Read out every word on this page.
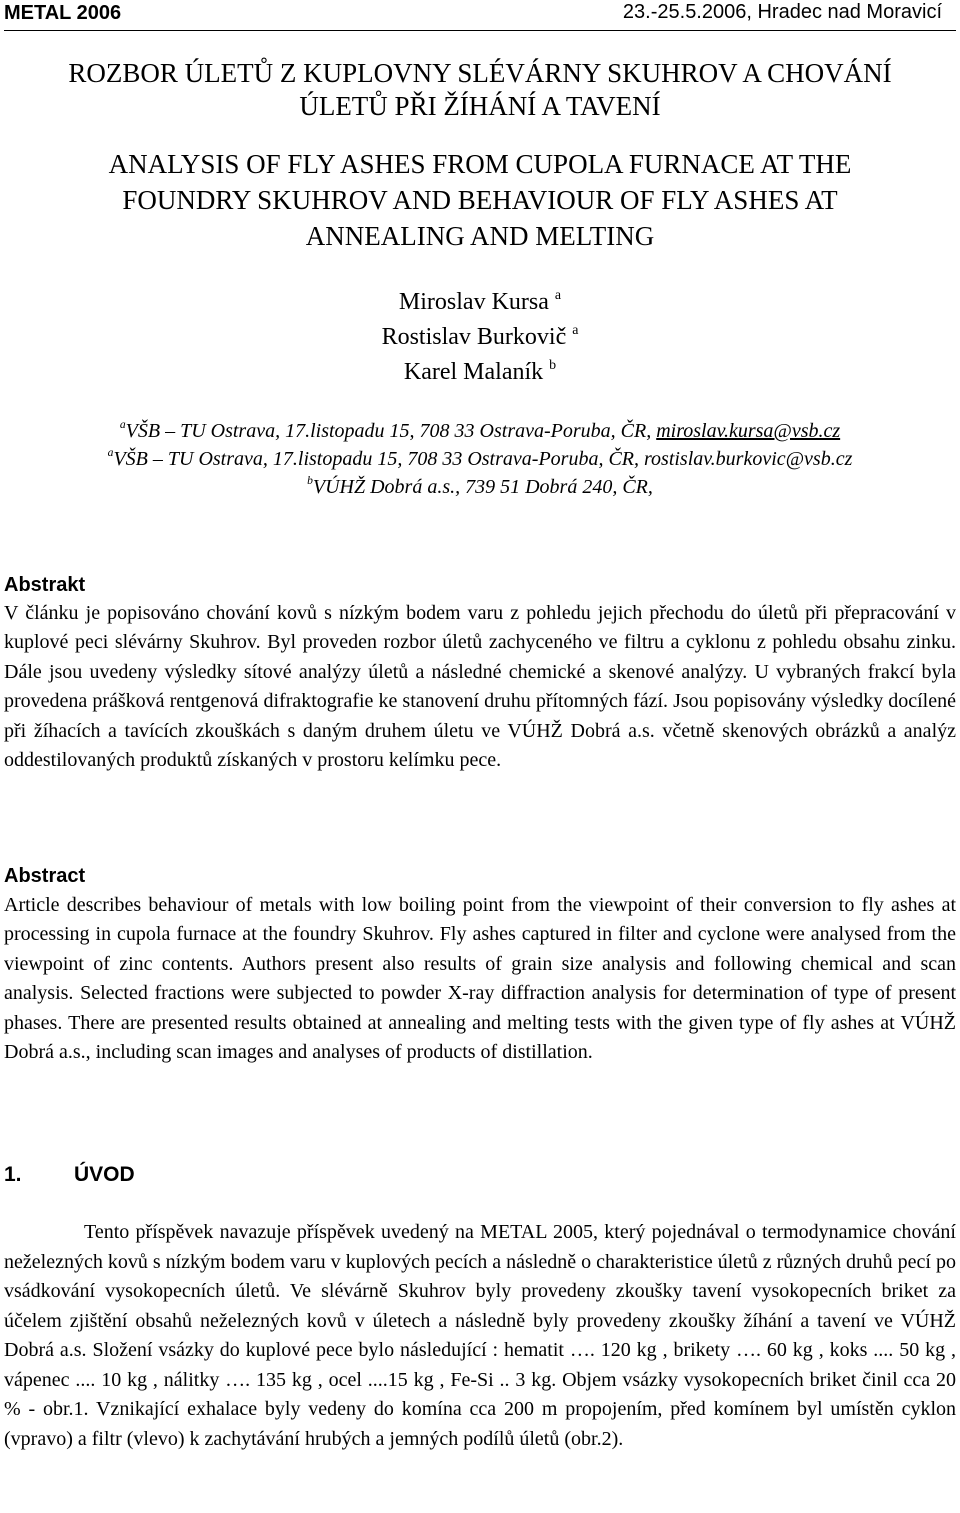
METAL 2006	23.-25.5.2006, Hradec nad Moravicí
ROZBOR ÚLETŮ Z KUPLOVNY SLÉVÁRNY SKUHROV A CHOVÁNÍ
ÚLETŮ PŘI ŽÍHÁNÍ A TAVENÍ
ANALYSIS OF FLY ASHES FROM CUPOLA FURNACE AT THE
FOUNDRY SKUHROV AND BEHAVIOUR OF FLY ASHES AT
ANNEALING AND MELTING
Miroslav Kursa $^a$
Rostislav Burkovič $^a$
Karel Malaník $^b$
$^a$VŠB – TU Ostrava, 17.listopadu 15, 708 33 Ostrava-Poruba, ČR, miroslav.kursa@vsb.cz
$^a$VŠB – TU Ostrava, 17.listopadu 15, 708 33 Ostrava-Poruba, ČR, rostislav.burkovic@vsb.cz
$^b$VÚHŽ Dobrá a.s., 739 51 Dobrá 240, ČR,
Abstrakt

V článku je popisováno chování kovů s nízkým bodem varu z pohledu jejich přechodu do úletů při přepracování v kuplové peci slévárny Skuhrov. Byl proveden rozbor úletů zachyceného ve filtru a cyklonu z pohledu obsahu zinku. Dále jsou uvedeny výsledky sítové analýzy úletů a následné chemické a skenové analýzy. U vybraných frakcí byla provedena prášková rentgenová difraktografie ke stanovení druhu přítomných fází. Jsou popisovány výsledky docílené při žíhacích a tavících zkouškách s daným druhem úletu ve VÚHŽ Dobrá a.s. včetně skenových obrázků a analýz oddestilovaných produktů získaných v prostoru kelímku pece.

Abstract

Article describes behaviour of metals with low boiling point from the viewpoint of their conversion to fly ashes at processing in cupola furnace at the foundry Skuhrov. Fly ashes captured in filter and cyclone were analysed from the viewpoint of zinc contents. Authors present also results of grain size analysis and following chemical and scan analysis. Selected fractions were subjected to powder X-ray diffraction analysis for determination of type of present phases. There are presented results obtained at annealing and melting tests with the given type of fly ashes at VÚHŽ Dobrá a.s., including scan images and analyses of products of distillation.

1. ÚVOD

Tento příspěvek navazuje příspěvek uvedený na METAL 2005, který pojednával o termodynamice chování neželezných kovů s nízkým bodem varu v kuplových pecích a následně o charakteristice úletů z různých druhů pecí po vsádkování vysokopecních úletů. Ve slévárně Skuhrov byly provedeny zkoušky tavení vysokopecních briket za účelem zjištění obsahů neželezných kovů v úletech a následně byly provedeny zkoušky žíhání a tavení ve VÚHŽ Dobrá a.s. Složení vsázky do kuplové pece bylo následující : hematit …. 120 kg , brikety …. 60 kg , koks .... 50 kg , vápenec .... 10 kg , nálitky …. 135 kg , ocel ....15 kg , Fe-Si .. 3 kg. Objem vsázky vysokopecních briket činil cca 20 % - obr.1. Vznikající exhalace byly vedeny do komína cca 200 m propojením, před komínem byl umístěn cyklon (vpravo) a filtr (vlevo) k zachytávání hrubých a jemných podílů úletů (obr.2).
